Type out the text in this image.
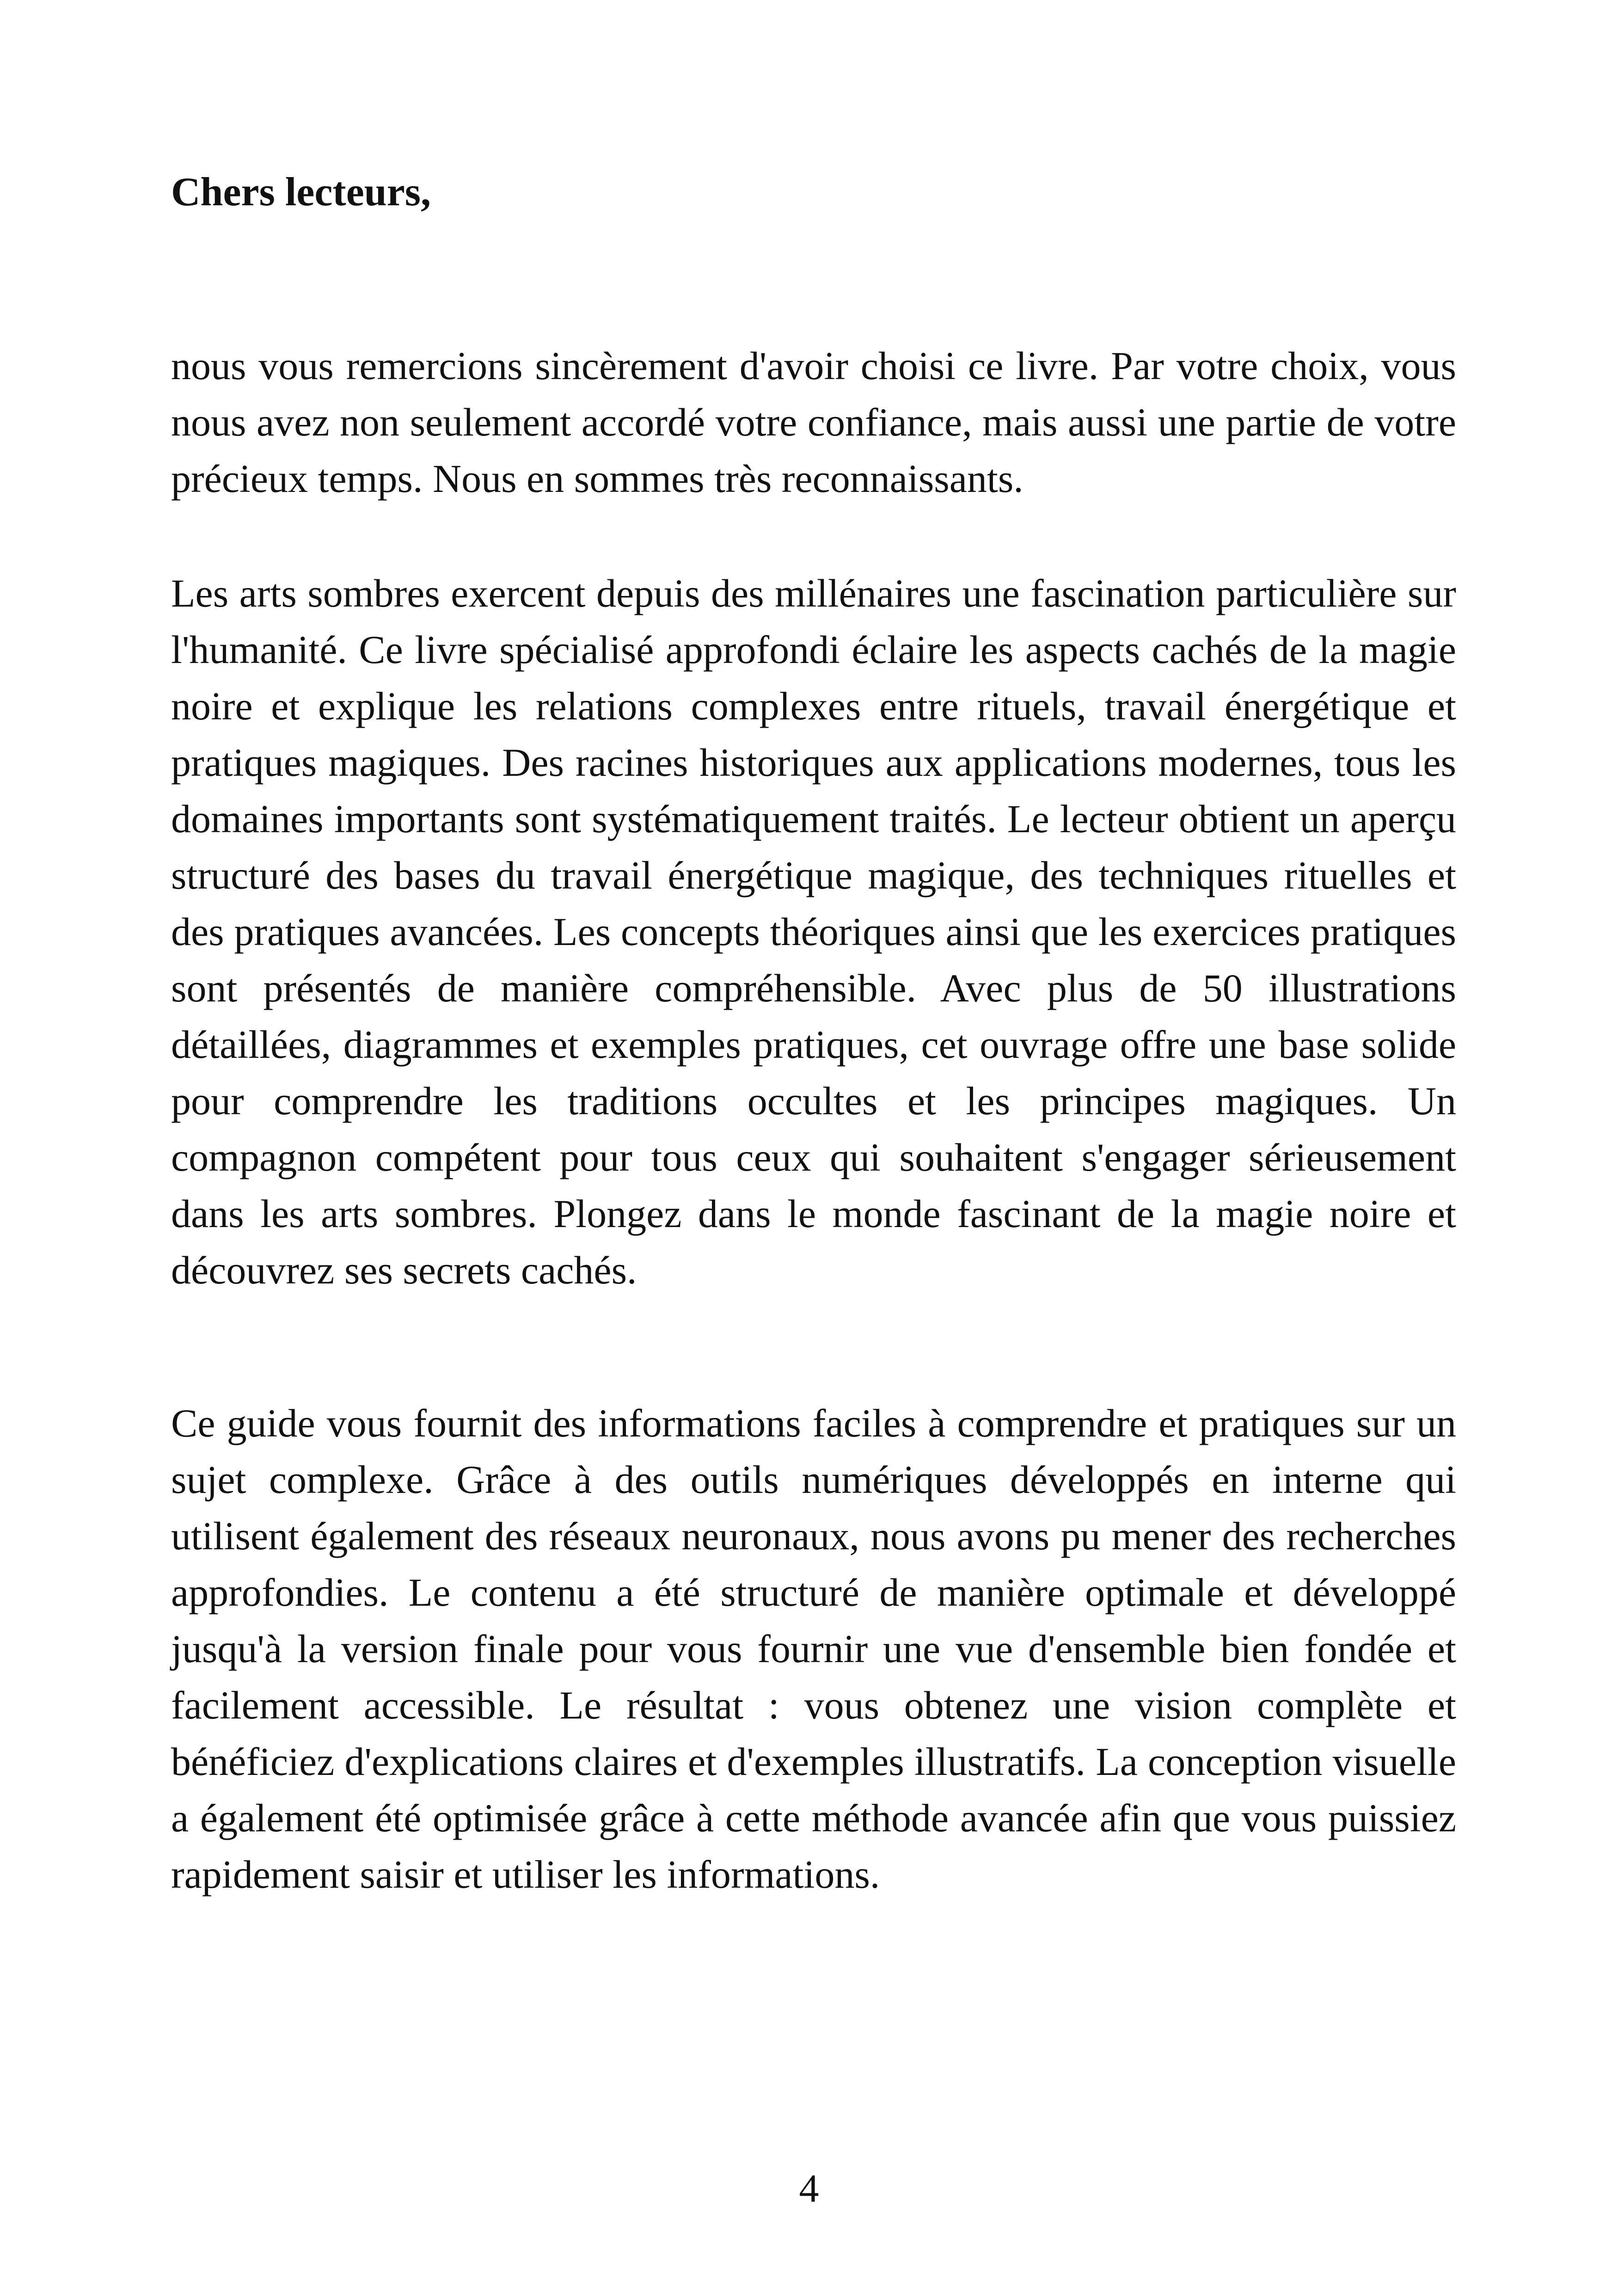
Chers lecteurs,

nous vous remercions sincèrement d'avoir choisi ce livre. Par votre choix, vous nous avez non seulement accordé votre confiance, mais aussi une partie de votre précieux temps. Nous en sommes très reconnaissants.

Les arts sombres exercent depuis des millénaires une fascination particulière sur l'humanité. Ce livre spécialisé approfondi éclaire les aspects cachés de la magie noire et explique les relations complexes entre rituels, travail énergétique et pratiques magiques. Des racines historiques aux applications modernes, tous les domaines importants sont systématiquement traités. Le lecteur obtient un aperçu structuré des bases du travail énergétique magique, des techniques rituelles et des pratiques avancées. Les concepts théoriques ainsi que les exercices pratiques sont présentés de manière compréhensible. Avec plus de 50 illustrations détaillées, diagrammes et exemples pratiques, cet ouvrage offre une base solide pour comprendre les traditions occultes et les principes magiques. Un compagnon compétent pour tous ceux qui souhaitent s'engager sérieusement dans les arts sombres. Plongez dans le monde fascinant de la magie noire et découvrez ses secrets cachés.

Ce guide vous fournit des informations faciles à comprendre et pratiques sur un sujet complexe. Grâce à des outils numériques développés en interne qui utilisent également des réseaux neuronaux, nous avons pu mener des recherches approfondies. Le contenu a été structuré de manière optimale et développé jusqu'à la version finale pour vous fournir une vue d'ensemble bien fondée et facilement accessible. Le résultat : vous obtenez une vision complète et bénéficiez d'explications claires et d'exemples illustratifs. La conception visuelle a également été optimisée grâce à cette méthode avancée afin que vous puissiez rapidement saisir et utiliser les informations.

4
